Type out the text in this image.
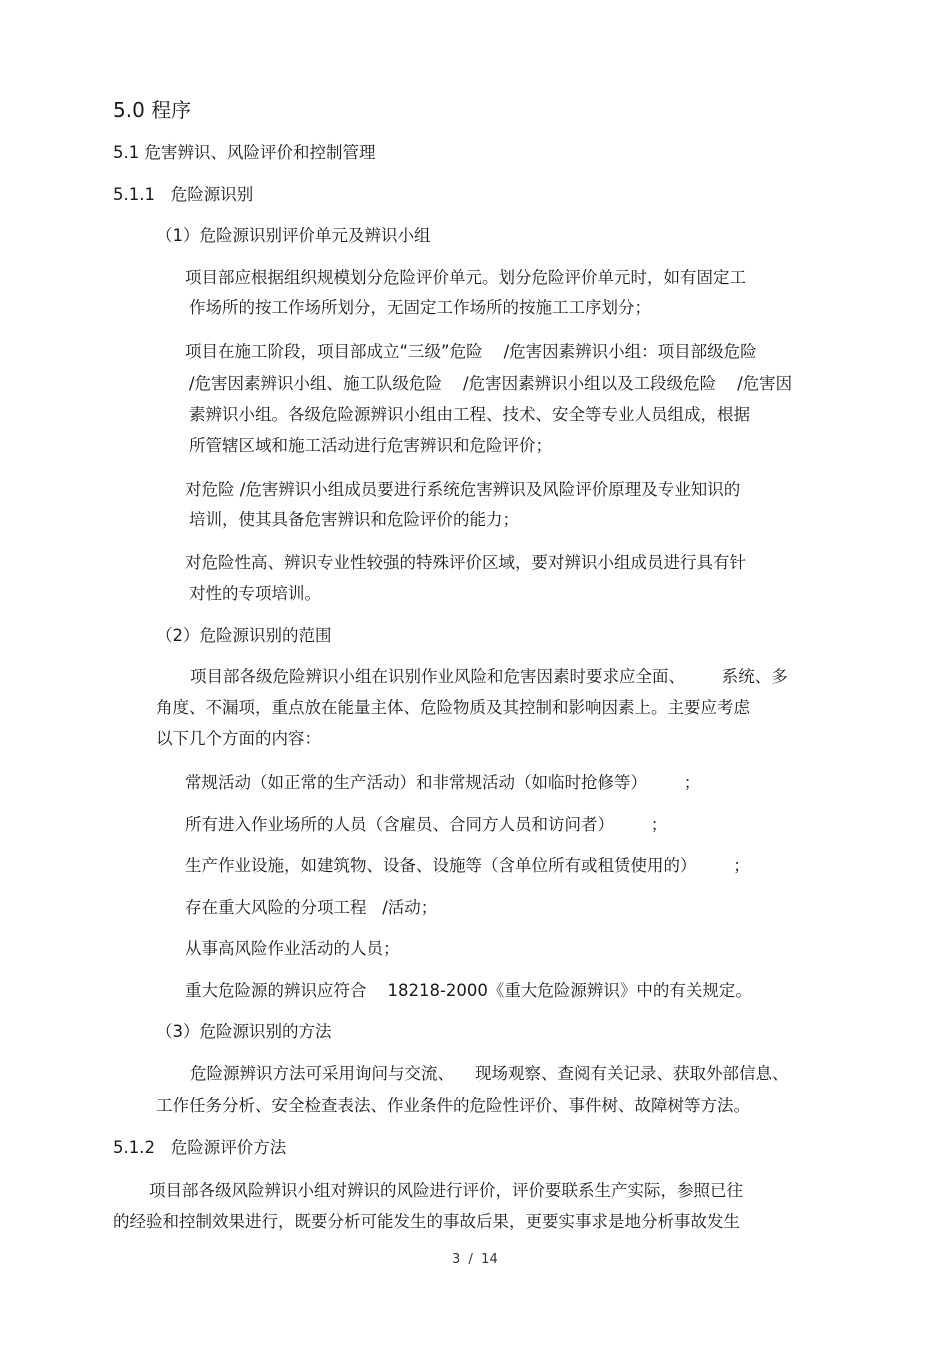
5.0 程序
5.1 危害辨识、风险评价和控制管理
5.1.1   危险源识别
（1）危险源识别评价单元及辨识小组
项目部应根据组织规模划分危险评价单元。划分危险评价单元时，如有固定工
作场所的按工作场所划分，无固定工作场所的按施工工序划分；
项目在施工阶段，项目部成立“三级”危险    /危害因素辨识小组：项目部级危险
/危害因素辨识小组、施工队级危险    /危害因素辨识小组以及工段级危险    /危害因
素辨识小组。各级危险源辨识小组由工程、技术、安全等专业人员组成，根据
所管辖区域和施工活动进行危害辨识和危险评价；
对危险 /危害辨识小组成员要进行系统危害辨识及风险评价原理及专业知识的
培训，使其具备危害辨识和危险评价的能力；
对危险性高、辨识专业性较强的特殊评价区域，要对辨识小组成员进行具有针
对性的专项培训。
（2）危险源识别的范围
项目部各级危险辨识小组在识别作业风险和危害因素时要求应全面、       系统、多
角度、不漏项，重点放在能量主体、危险物质及其控制和影响因素上。主要应考虑
以下几个方面的内容：
常规活动（如正常的生产活动）和非常规活动（如临时抢修等）       ；
所有进入作业场所的人员（含雇员、合同方人员和访问者）       ；
生产作业设施，如建筑物、设备、设施等（含单位所有或租赁使用的）       ；
存在重大风险的分项工程   /活动；
从事高风险作业活动的人员；
重大危险源的辨识应符合    18218-2000《重大危险源辨识》中的有关规定。
（3）危险源识别的方法
危险源辨识方法可采用询问与交流、    现场观察、查阅有关记录、获取外部信息、
工作任务分析、安全检查表法、作业条件的危险性评价、事件树、故障树等方法。
5.1.2   危险源评价方法
项目部各级风险辨识小组对辨识的风险进行评价，评价要联系生产实际，参照已往
的经验和控制效果进行，既要分析可能发生的事故后果，更要实事求是地分析事故发生
3  /  14
